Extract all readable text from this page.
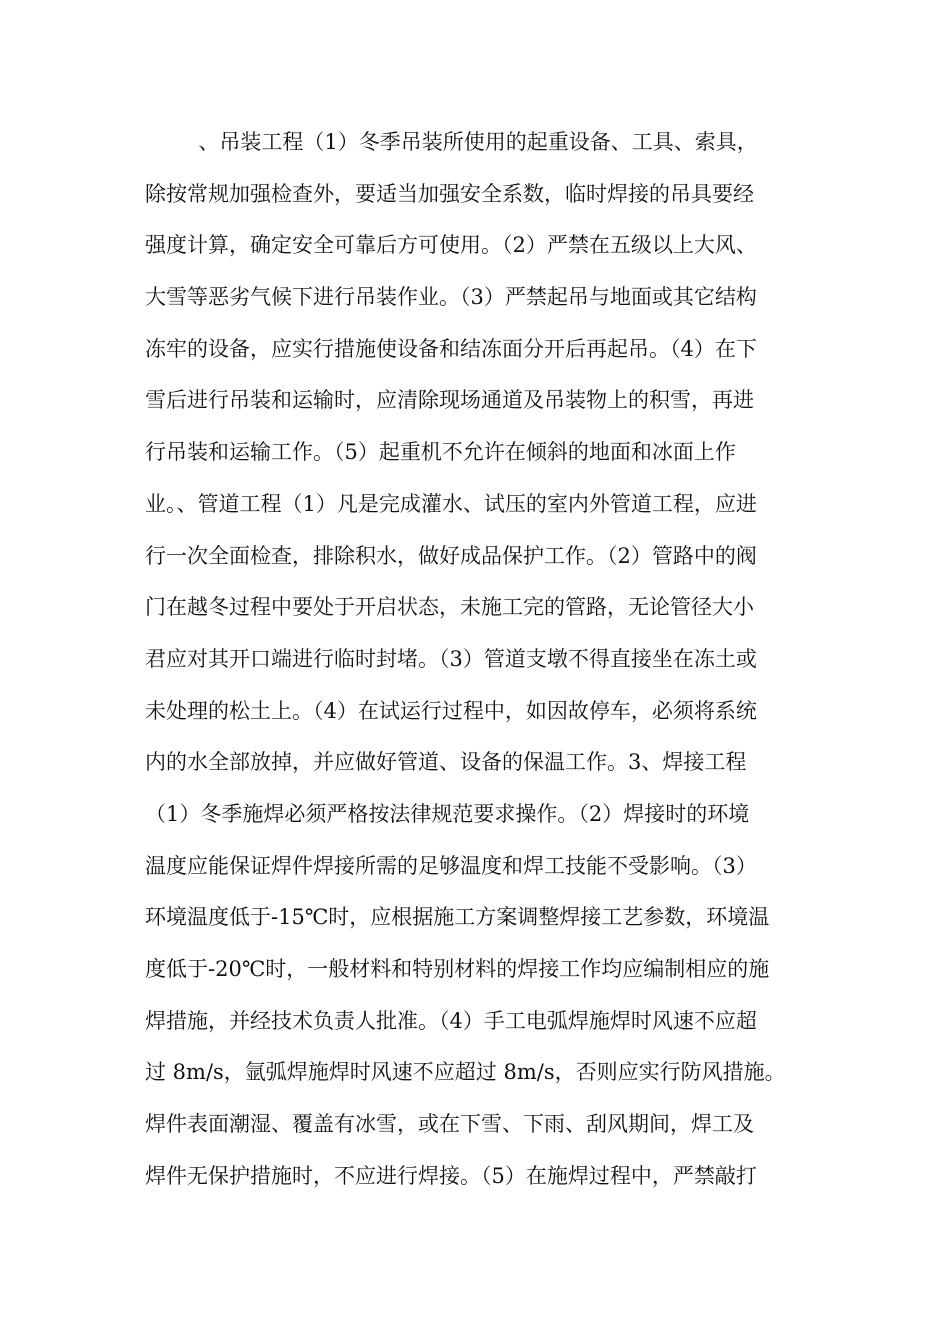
、吊装工程（1）冬季吊装所使用的起重设备、工具、索具，
除按常规加强检查外，要适当加强安全系数，临时焊接的吊具要经
强度计算，确定安全可靠后方可使用。（2）严禁在五级以上大风、
大雪等恶劣气候下进行吊装作业。（3）严禁起吊与地面或其它结构
冻牢的设备，应实行措施使设备和结冻面分开后再起吊。（4）在下
雪后进行吊装和运输时，应清除现场通道及吊装物上的积雪，再进
行吊装和运输工作。（5）起重机不允许在倾斜的地面和冰面上作
业。、管道工程（1）凡是完成灌水、试压的室内外管道工程，应进
行一次全面检查，排除积水，做好成品保护工作。（2）管路中的阀
门在越冬过程中要处于开启状态，未施工完的管路，无论管径大小
君应对其开口端进行临时封堵。（3）管道支墩不得直接坐在冻土或
未处理的松土上。（4）在试运行过程中，如因故停车，必须将系统
内的水全部放掉，并应做好管道、设备的保温工作。3、焊接工程
（1）冬季施焊必须严格按法律规范要求操作。（2）焊接时的环境
温度应能保证焊件焊接所需的足够温度和焊工技能不受影响。（3）
环境温度低于-15℃时，应根据施工方案调整焊接工艺参数，环境温
度低于-20℃时，一般材料和特别材料的焊接工作均应编制相应的施
焊措施，并经技术负责人批准。（4）手工电弧焊施焊时风速不应超
过 8m/s，氩弧焊施焊时风速不应超过 8m/s，否则应实行防风措施。
焊件表面潮湿、覆盖有冰雪，或在下雪、下雨、刮风期间，焊工及
焊件无保护措施时，不应进行焊接。（5）在施焊过程中，严禁敲打
